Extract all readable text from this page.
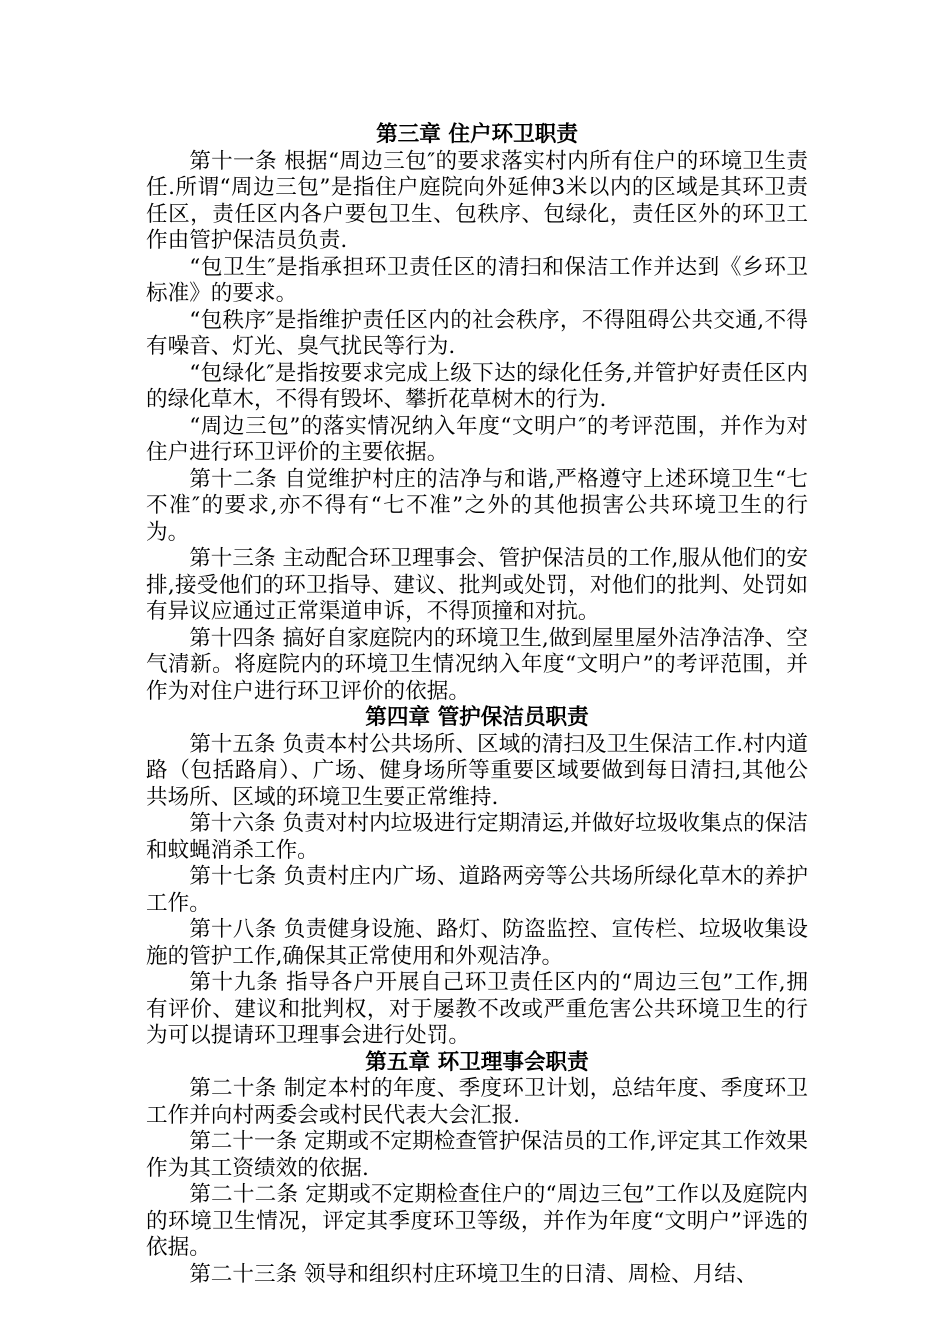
第三章 住户环卫职责

第十一条 根据“周边三包″的要求落实村内所有住户的环境卫生责任.所谓“周边三包”是指住户庭院向外延伸3米以内的区域是其环卫责任区，责任区内各户要包卫生、包秩序、包绿化，责任区外的环卫工作由管护保洁员负责.

“包卫生″是指承担环卫责任区的清扫和保洁工作并达到《乡环卫标准》的要求。

“包秩序″是指维护责任区内的社会秩序，不得阻碍公共交通,不得有噪音、灯光、臭气扰民等行为.

“包绿化″是指按要求完成上级下达的绿化任务,并管护好责任区内的绿化草木，不得有毁坏、攀折花草树木的行为.

“周边三包”的落实情况纳入年度“文明户″的考评范围，并作为对住户进行环卫评价的主要依据。

第十二条 自觉维护村庄的洁净与和谐,严格遵守上述环境卫生“七不准″的要求,亦不得有“七不准”之外的其他损害公共环境卫生的行为。

第十三条 主动配合环卫理事会、管护保洁员的工作,服从他们的安排,接受他们的环卫指导、建议、批判或处罚，对他们的批判、处罚如有异议应通过正常渠道申诉，不得顶撞和对抗。

第十四条 搞好自家庭院内的环境卫生,做到屋里屋外洁净洁净、空气清新。将庭院内的环境卫生情况纳入年度“文明户”的考评范围，并作为对住户进行环卫评价的依据。

第四章 管护保洁员职责

第十五条 负责本村公共场所、区域的清扫及卫生保洁工作.村内道路（包括路肩）、广场、健身场所等重要区域要做到每日清扫,其他公共场所、区域的环境卫生要正常维持.

第十六条 负责对村内垃圾进行定期清运,并做好垃圾收集点的保洁和蚊蝇消杀工作。

第十七条 负责村庄内广场、道路两旁等公共场所绿化草木的养护工作。

第十八条 负责健身设施、路灯、防盗监控、宣传栏、垃圾收集设施的管护工作,确保其正常使用和外观洁净。

第十九条 指导各户开展自己环卫责任区内的“周边三包”工作,拥有评价、建议和批判权，对于屡教不改或严重危害公共环境卫生的行为可以提请环卫理事会进行处罚。

第五章 环卫理事会职责

第二十条 制定本村的年度、季度环卫计划，总结年度、季度环卫工作并向村两委会或村民代表大会汇报.

第二十一条 定期或不定期检查管护保洁员的工作,评定其工作效果作为其工资绩效的依据.

第二十二条 定期或不定期检查住户的“周边三包”工作以及庭院内的环境卫生情况，评定其季度环卫等级，并作为年度“文明户”评选的依据。

第二十三条 领导和组织村庄环境卫生的日清、周检、月结、
